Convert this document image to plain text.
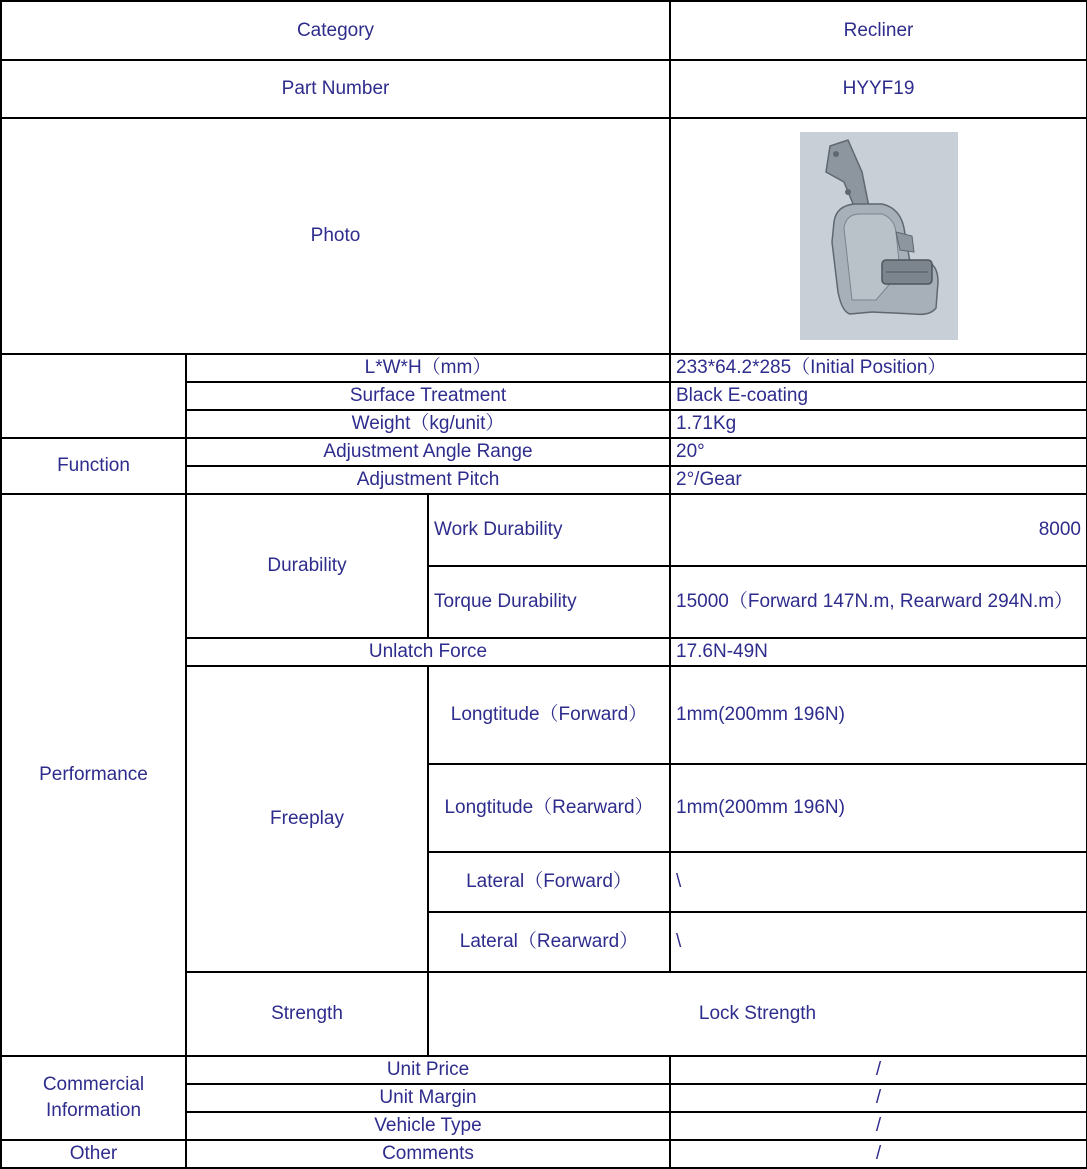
Category			Recliner	
Part Number			HYYF19	
Photo	

	L*W*H（mm）		233*64.2*285（Initial Position）	
	Surface Treatment		Black E-coating	
	Weight（kg/unit）		1.71Kg	
Function	Adjustment Angle Range		20°	
	Adjustment Pitch		2°/Gear	
Performance	Durability	Work Durability	8000	
		Torque Durability	15000（Forward 147N.m, Rearward 294N.m）	
	Unlatch Force		17.6N-49N	
	Freeplay	Longtitude（Forward）	1mm(200mm 196N)	
		Longtitude（Rearward）	1mm(200mm 196N)	
		Lateral（Forward）	\	
		Lateral（Rearward）	\	
	Strength	Lock Strength	
Commercial Information	Unit Price		/	
	Unit Margin		/	
	Vehicle Type		/	
Other	Comments		/	
